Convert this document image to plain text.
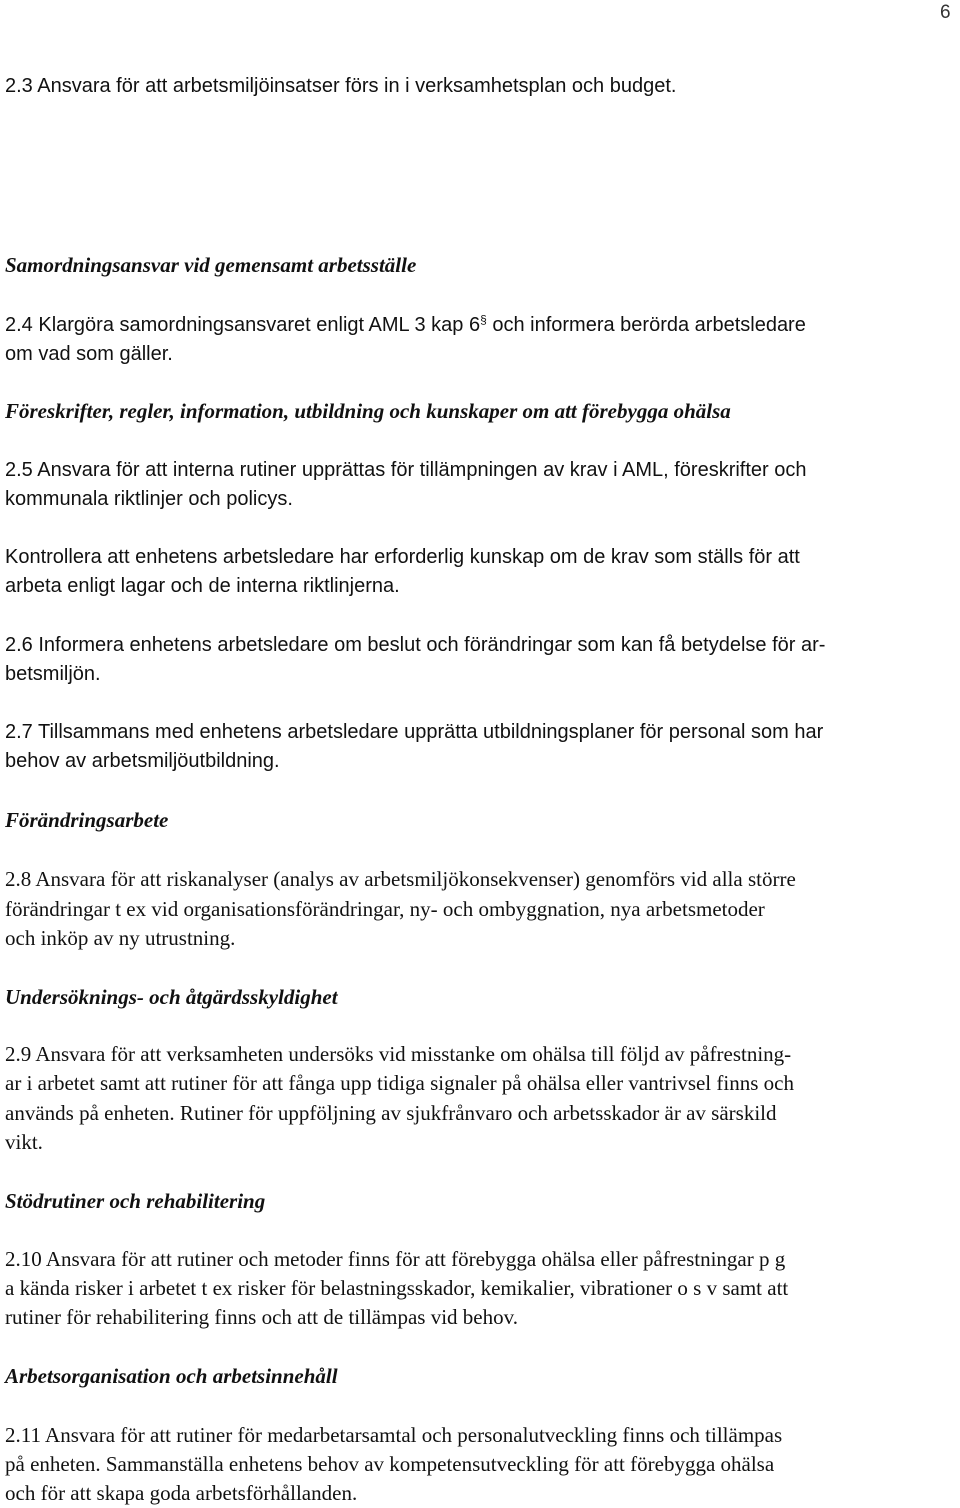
6
2.3 Ansvara för att arbetsmiljöinsatser förs in i verksamhetsplan och budget.
Samordningsansvar vid gemensamt arbetsställe
2.4 Klargöra samordningsansvaret enligt AML 3 kap 6§ och informera berörda arbetsledare
om vad som gäller.
Föreskrifter, regler, information, utbildning och kunskaper om att förebygga ohälsa
2.5 Ansvara för att interna rutiner upprättas för tillämpningen av krav i AML, föreskrifter och
kommunala riktlinjer och policys.
Kontrollera att enhetens arbetsledare har erforderlig kunskap om de krav som ställs för att
arbeta enligt lagar och de interna riktlinjerna.
2.6 Informera enhetens arbetsledare om beslut och förändringar som kan få betydelse för ar-
betsmiljön.
2.7 Tillsammans med enhetens arbetsledare upprätta utbildningsplaner för personal som har
behov av arbetsmiljöutbildning.
Förändringsarbete
2.8 Ansvara för att riskanalyser (analys av arbetsmiljökonsekvenser) genomförs vid alla större
förändringar t ex vid organisationsförändringar, ny- och ombyggnation, nya arbetsmetoder
och inköp av ny utrustning.
Undersöknings- och åtgärdsskyldighet
2.9 Ansvara för att verksamheten undersöks vid misstanke om ohälsa till följd av påfrestning-
ar i arbetet samt att rutiner för att fånga upp tidiga signaler på ohälsa eller vantrivsel finns och
används på enheten. Rutiner för uppföljning av sjukfrånvaro och arbetsskador är av särskild
vikt.
Stödrutiner och rehabilitering
2.10 Ansvara för att rutiner och metoder finns för att förebygga ohälsa eller påfrestningar p g
a kända risker i arbetet t ex risker för belastningsskador, kemikalier, vibrationer o s v samt att
rutiner för rehabilitering finns och att de tillämpas vid behov.
Arbetsorganisation och arbetsinnehåll
2.11 Ansvara för att rutiner för medarbetarsamtal och personalutveckling finns och tillämpas
på enheten. Sammanställa enhetens behov av kompetensutveckling för att förebygga ohälsa
och för att skapa goda arbetsförhållanden.
